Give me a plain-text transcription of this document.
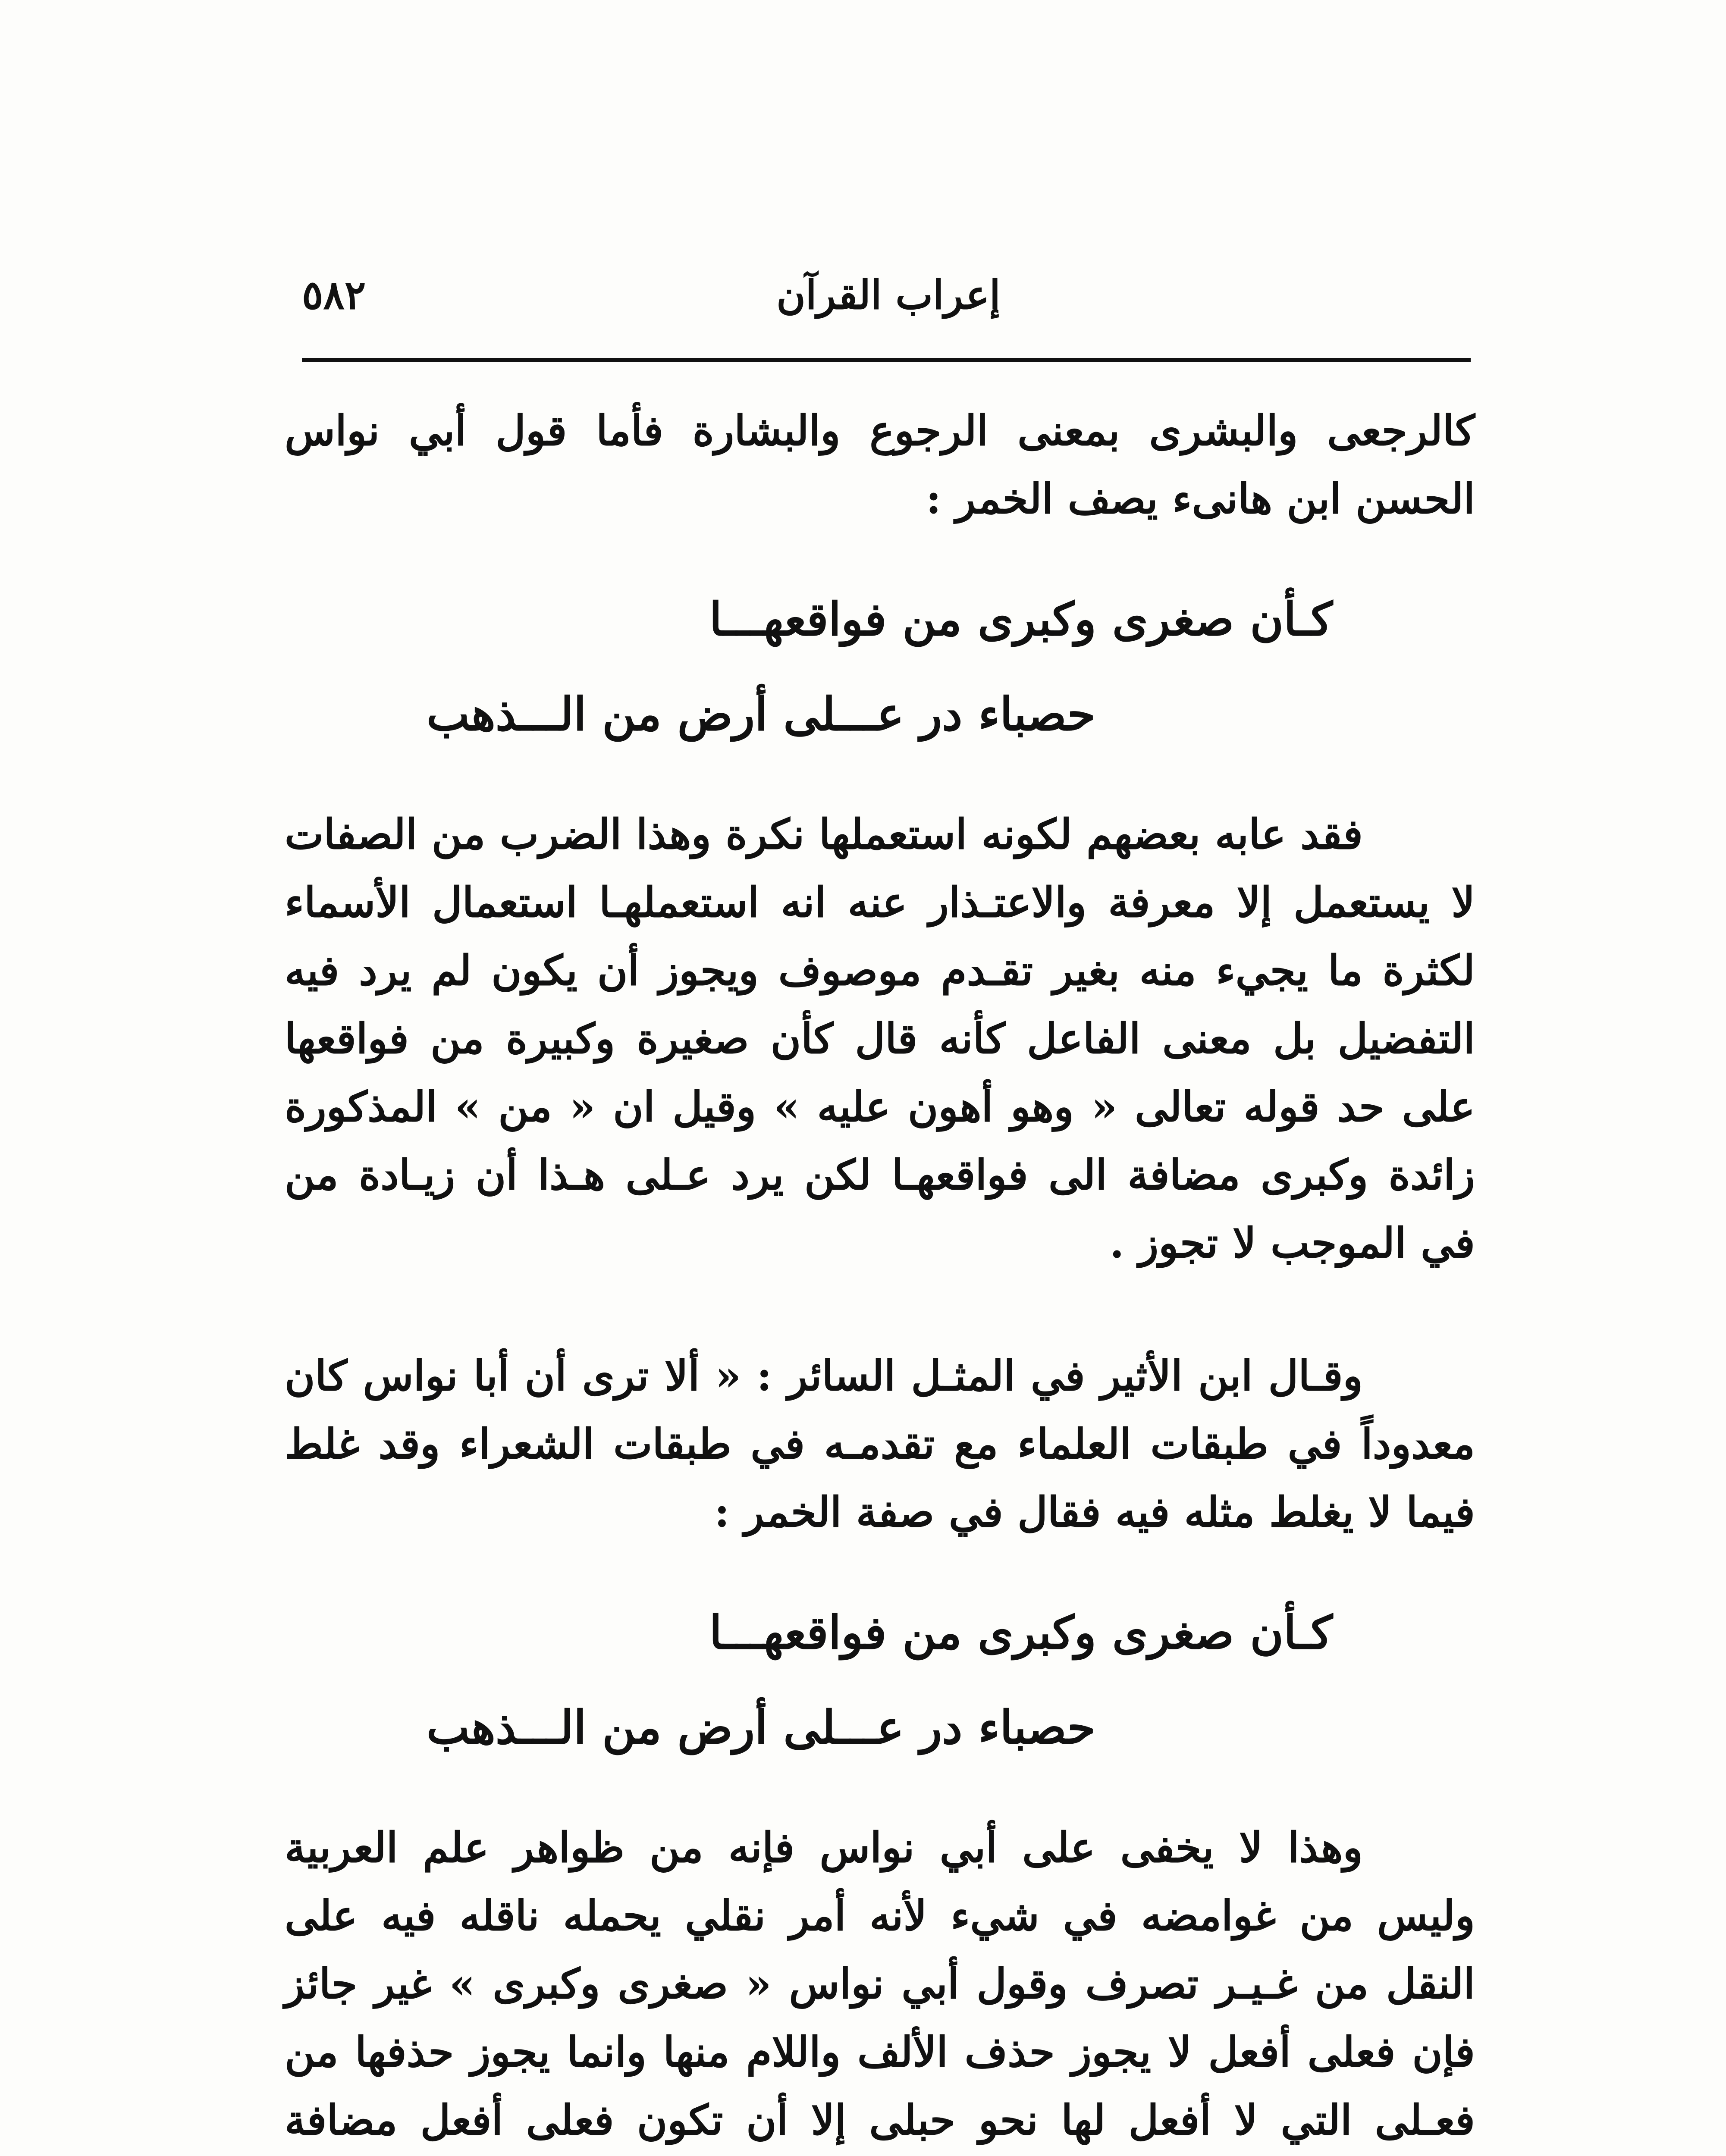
٥٨٢	إعراب القرآن

كالرجعى والبشرى بمعنى الرجوع والبشارة فأما قول أبي نواس الحسن ابن هانىء يصف الخمر :

كـأن صغرى وكبرى من فواقعهـــا

حصباء در عـــلى أرض من الـــذهب

فقد عابه بعضهم لكونه استعملها نكرة وهذا الضرب من الصفات لا يستعمل إلا معرفة والاعتـذار عنه انه استعملهـا استعمال الأسماء لكثرة ما يجيء منه بغير تقـدم موصوف ويجوز أن يكون لم يرد فيه التفضيل بل معنى الفاعل كأنه قال كأن صغيرة وكبيرة من فواقعها على حد قوله تعالى « وهو أهون عليه » وقيل ان « من » المذكورة زائدة وكبرى مضافة الى فواقعهـا لكن يرد عـلى هـذا أن زيـادة من في الموجب لا تجوز .

وقـال ابن الأثير في المثـل السائر : « ألا ترى أن أبا نواس كان معدوداً في طبقات العلماء مع تقدمـه في طبقات الشعراء وقد غلط فيما لا يغلط مثله فيه فقال في صفة الخمر :

كـأن صغرى وكبرى من فواقعهـــا

حصباء در عـــلى أرض من الـــذهب

وهذا لا يخفى على أبي نواس فإنه من ظواهر علم العربية وليس من غوامضه في شيء لأنه أمر نقلي يحمله ناقله فيه على النقل من غـيـر تصرف وقول أبي نواس « صغرى وكبرى » غير جائز فإن فعلى أفعل لا يجوز حذف الألف واللام منها وانما يجوز حذفها من فعـلى التي لا أفعل لها نحو حبلى إلا أن تكون فعلى أفعل مضافة
